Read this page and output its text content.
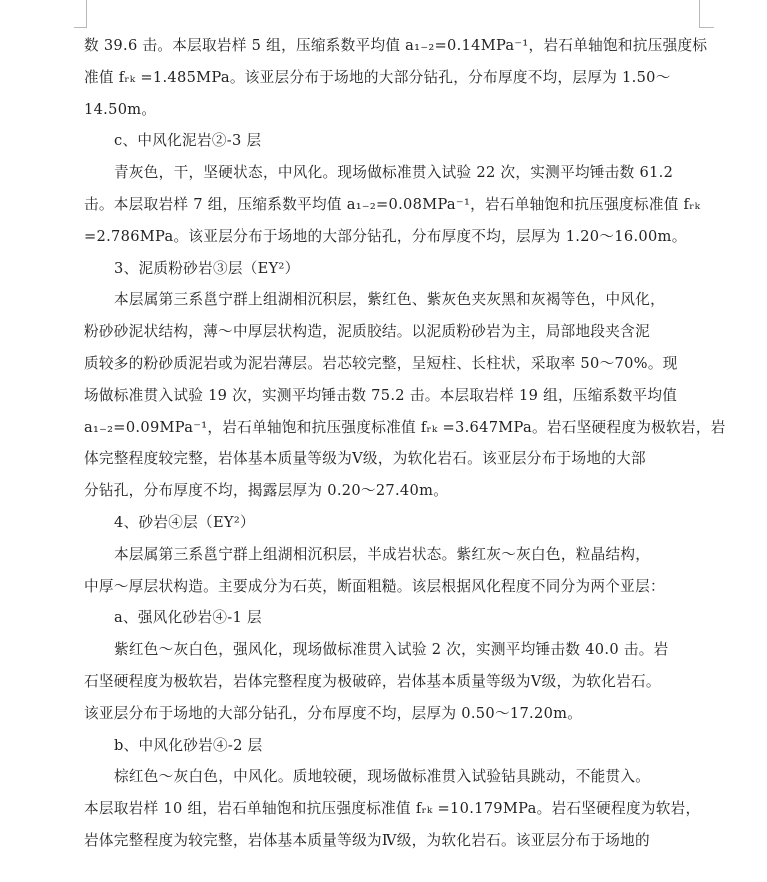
数 39.6 击。本层取岩样 5 组，压缩系数平均值 a₁₋₂=0.14MPa⁻¹，岩石单轴饱和抗压强度标
准值 fᵣₖ =1.485MPa。该亚层分布于场地的大部分钻孔，分布厚度不均，层厚为 1.50～
14.50m。
c、中风化泥岩②-3 层
青灰色，干，坚硬状态，中风化。现场做标准贯入试验 22 次，实测平均锤击数 61.2
击。本层取岩样 7 组，压缩系数平均值 a₁₋₂=0.08MPa⁻¹，岩石单轴饱和抗压强度标准值 fᵣₖ
=2.786MPa。该亚层分布于场地的大部分钻孔，分布厚度不均，层厚为 1.20～16.00m。
3、泥质粉砂岩③层（EY²）
本层属第三系邕宁群上组湖相沉积层，紫红色、紫灰色夹灰黑和灰褐等色，中风化，
粉砂砂泥状结构，薄～中厚层状构造，泥质胶结。以泥质粉砂岩为主，局部地段夹含泥
质较多的粉砂质泥岩或为泥岩薄层。岩芯较完整，呈短柱、长柱状，采取率 50～70%。现
场做标准贯入试验 19 次，实测平均锤击数 75.2 击。本层取岩样 19 组，压缩系数平均值
a₁₋₂=0.09MPa⁻¹，岩石单轴饱和抗压强度标准值 fᵣₖ =3.647MPa。岩石坚硬程度为极软岩，岩
体完整程度较完整，岩体基本质量等级为Ⅴ级，为软化岩石。该亚层分布于场地的大部
分钻孔，分布厚度不均，揭露层厚为 0.20～27.40m。
4、砂岩④层（EY²）
本层属第三系邕宁群上组湖相沉积层，半成岩状态。紫红灰～灰白色，粒晶结构，
中厚～厚层状构造。主要成分为石英，断面粗糙。该层根据风化程度不同分为两个亚层：
a、强风化砂岩④-1 层
紫红色～灰白色，强风化，现场做标准贯入试验 2 次，实测平均锤击数 40.0 击。岩
石坚硬程度为极软岩，岩体完整程度为极破碎，岩体基本质量等级为Ⅴ级，为软化岩石。
该亚层分布于场地的大部分钻孔，分布厚度不均，层厚为 0.50～17.20m。
b、中风化砂岩④-2 层
棕红色～灰白色，中风化。质地较硬，现场做标准贯入试验钻具跳动，不能贯入。
本层取岩样 10 组，岩石单轴饱和抗压强度标准值 fᵣₖ =10.179MPa。岩石坚硬程度为软岩，
岩体完整程度为较完整，岩体基本质量等级为Ⅳ级，为软化岩石。该亚层分布于场地的
